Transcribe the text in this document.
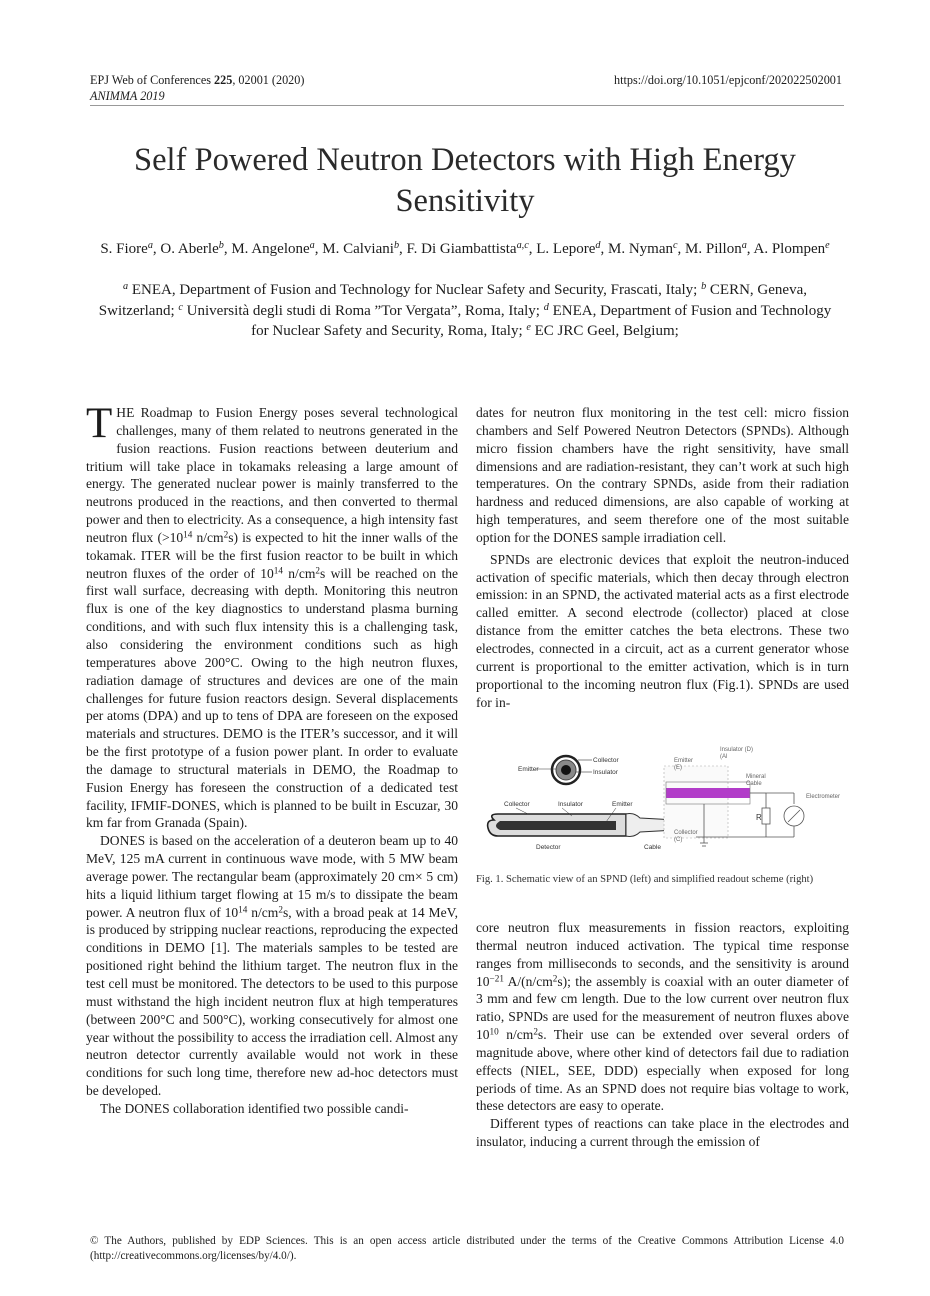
EPJ Web of Conferences 225, 02001 (2020)
ANIMMA 2019
https://doi.org/10.1051/epjconf/202022502001
Self Powered Neutron Detectors with High Energy
Sensitivity
S. Fiore$^a$, O. Aberle$^b$, M. Angelone$^a$, M. Calviani$^b$, F. Di Giambattista$^{a,c}$, L. Lepore$^d$, M. Nyman$^c$, M. Pillon$^a$, A. Plompen$^e$
$^a$ ENEA, Department of Fusion and Technology for Nuclear Safety and Security, Frascati, Italy; $^b$ CERN, Geneva, Switzerland; $^c$ Università degli studi di Roma ”Tor Vergata”, Roma, Italy; $^d$ ENEA, Department of Fusion and Technology for Nuclear Safety and Security, Roma, Italy; $^e$ EC JRC Geel, Belgium;

THE Roadmap to Fusion Energy poses several technological challenges, many of them related to neutrons generated in the fusion reactions. Fusion reactions between deuterium and tritium will take place in tokamaks releasing a large amount of energy. The generated nuclear power is mainly transferred to the neutrons produced in the reactions, and then converted to thermal power and then to electricity. As a consequence, a high intensity fast neutron flux ($>10^{14}$ $n/cm^2s$) is expected to hit the inner walls of the tokamak. ITER will be the first fusion reactor to be built in which neutron fluxes of the order of $10^{14}$ $n/cm^2s$ will be reached on the first wall surface, decreasing with depth. Monitoring this neutron flux is one of the key diagnostics to understand plasma burning conditions, and with such flux intensity this is a challenging task, also considering the environment conditions such as high temperatures above 200°C. Owing to the high neutron fluxes, radiation damage of structures and devices are one of the main challenges for future fusion reactors design. Several displacements per atoms (DPA) and up to tens of DPA are foreseen on the exposed materials and structures. DEMO is the ITER’s successor, and it will be the first prototype of a fusion power plant. In order to evaluate the damage to structural materials in DEMO, the Roadmap to Fusion Energy has foreseen the construction of a dedicated test facility, IFMIF-DONES, which is planned to be built in Escuzar, 30 km far from Granada (Spain).

DONES is based on the acceleration of a deuteron beam up to 40 MeV, 125 mA current in continuous wave mode, with 5 MW beam average power. The rectangular beam (approximately 20 cm× 5 cm) hits a liquid lithium target flowing at 15 m/s to dissipate the beam power. A neutron flux of $10^{14}$ $n/cm^2s$, with a broad peak at 14 MeV, is produced by stripping nuclear reactions, reproducing the expected conditions in DEMO [1]. The materials samples to be tested are positioned right behind the lithium target. The neutron flux in the test cell must be monitored. The detectors to be used to this purpose must withstand the high incident neutron flux at high temperatures (between 200°C and 500°C), working consecutively for almost one year without the possibility to access the irradiation cell. Almost any neutron detector currently available would not work in these conditions for such long time, therefore new ad-hoc detectors must be developed.

The DONES collaboration identified two possible candi-

dates for neutron flux monitoring in the test cell: micro fission chambers and Self Powered Neutron Detectors (SPNDs). Although micro fission chambers have the right sensitivity, have small dimensions and are radiation-resistant, they can’t work at such high temperatures. On the contrary SPNDs, aside from their radiation hardness and reduced dimensions, are also capable of working at high temperatures, and seem therefore one of the most suitable option for the DONES sample irradiation cell.

SPNDs are electronic devices that exploit the neutron-induced activation of specific materials, which then decay through electron emission: in an SPND, the activated material acts as a first electrode called emitter. A second electrode (collector) placed at close distance from the emitter catches the beta electrons. These two electrodes, connected in a circuit, act as a current generator whose current is proportional to the emitter activation, which is in turn proportional to the incoming neutron flux (Fig.1). SPNDs are used for in-

Emitter
Collector
Insulator
Collector	Insulator	Emitter
Detector	Cable
Emitter
(E)
Insulator (D)
(Al
Mineral
Cable
Electrometer
R
Collector
(C)
Fig. 1. Schematic view of an SPND (left) and simplified readout scheme (right)

core neutron flux measurements in fission reactors, exploiting thermal neutron induced activation. The typical time response ranges from milliseconds to seconds, and the sensitivity is around $10^{-21}$ $A/(n/cm^2s)$; the assembly is coaxial with an outer diameter of 3 mm and few cm length. Due to the low current over neutron flux ratio, SPNDs are used for the measurement of neutron fluxes above $10^{10}$ $n/cm^2s$. Their use can be extended over several orders of magnitude above, where other kind of detectors fail due to radiation effects (NIEL, SEE, DDD) especially when exposed for long periods of time. As an SPND does not require bias voltage to work, these detectors are easy to operate.

Different types of reactions can take place in the electrodes and insulator, inducing a current through the emission of

© The Authors, published by EDP Sciences. This is an open access article distributed under the terms of the Creative Commons Attribution License 4.0 (http://creativecommons.org/licenses/by/4.0/).
